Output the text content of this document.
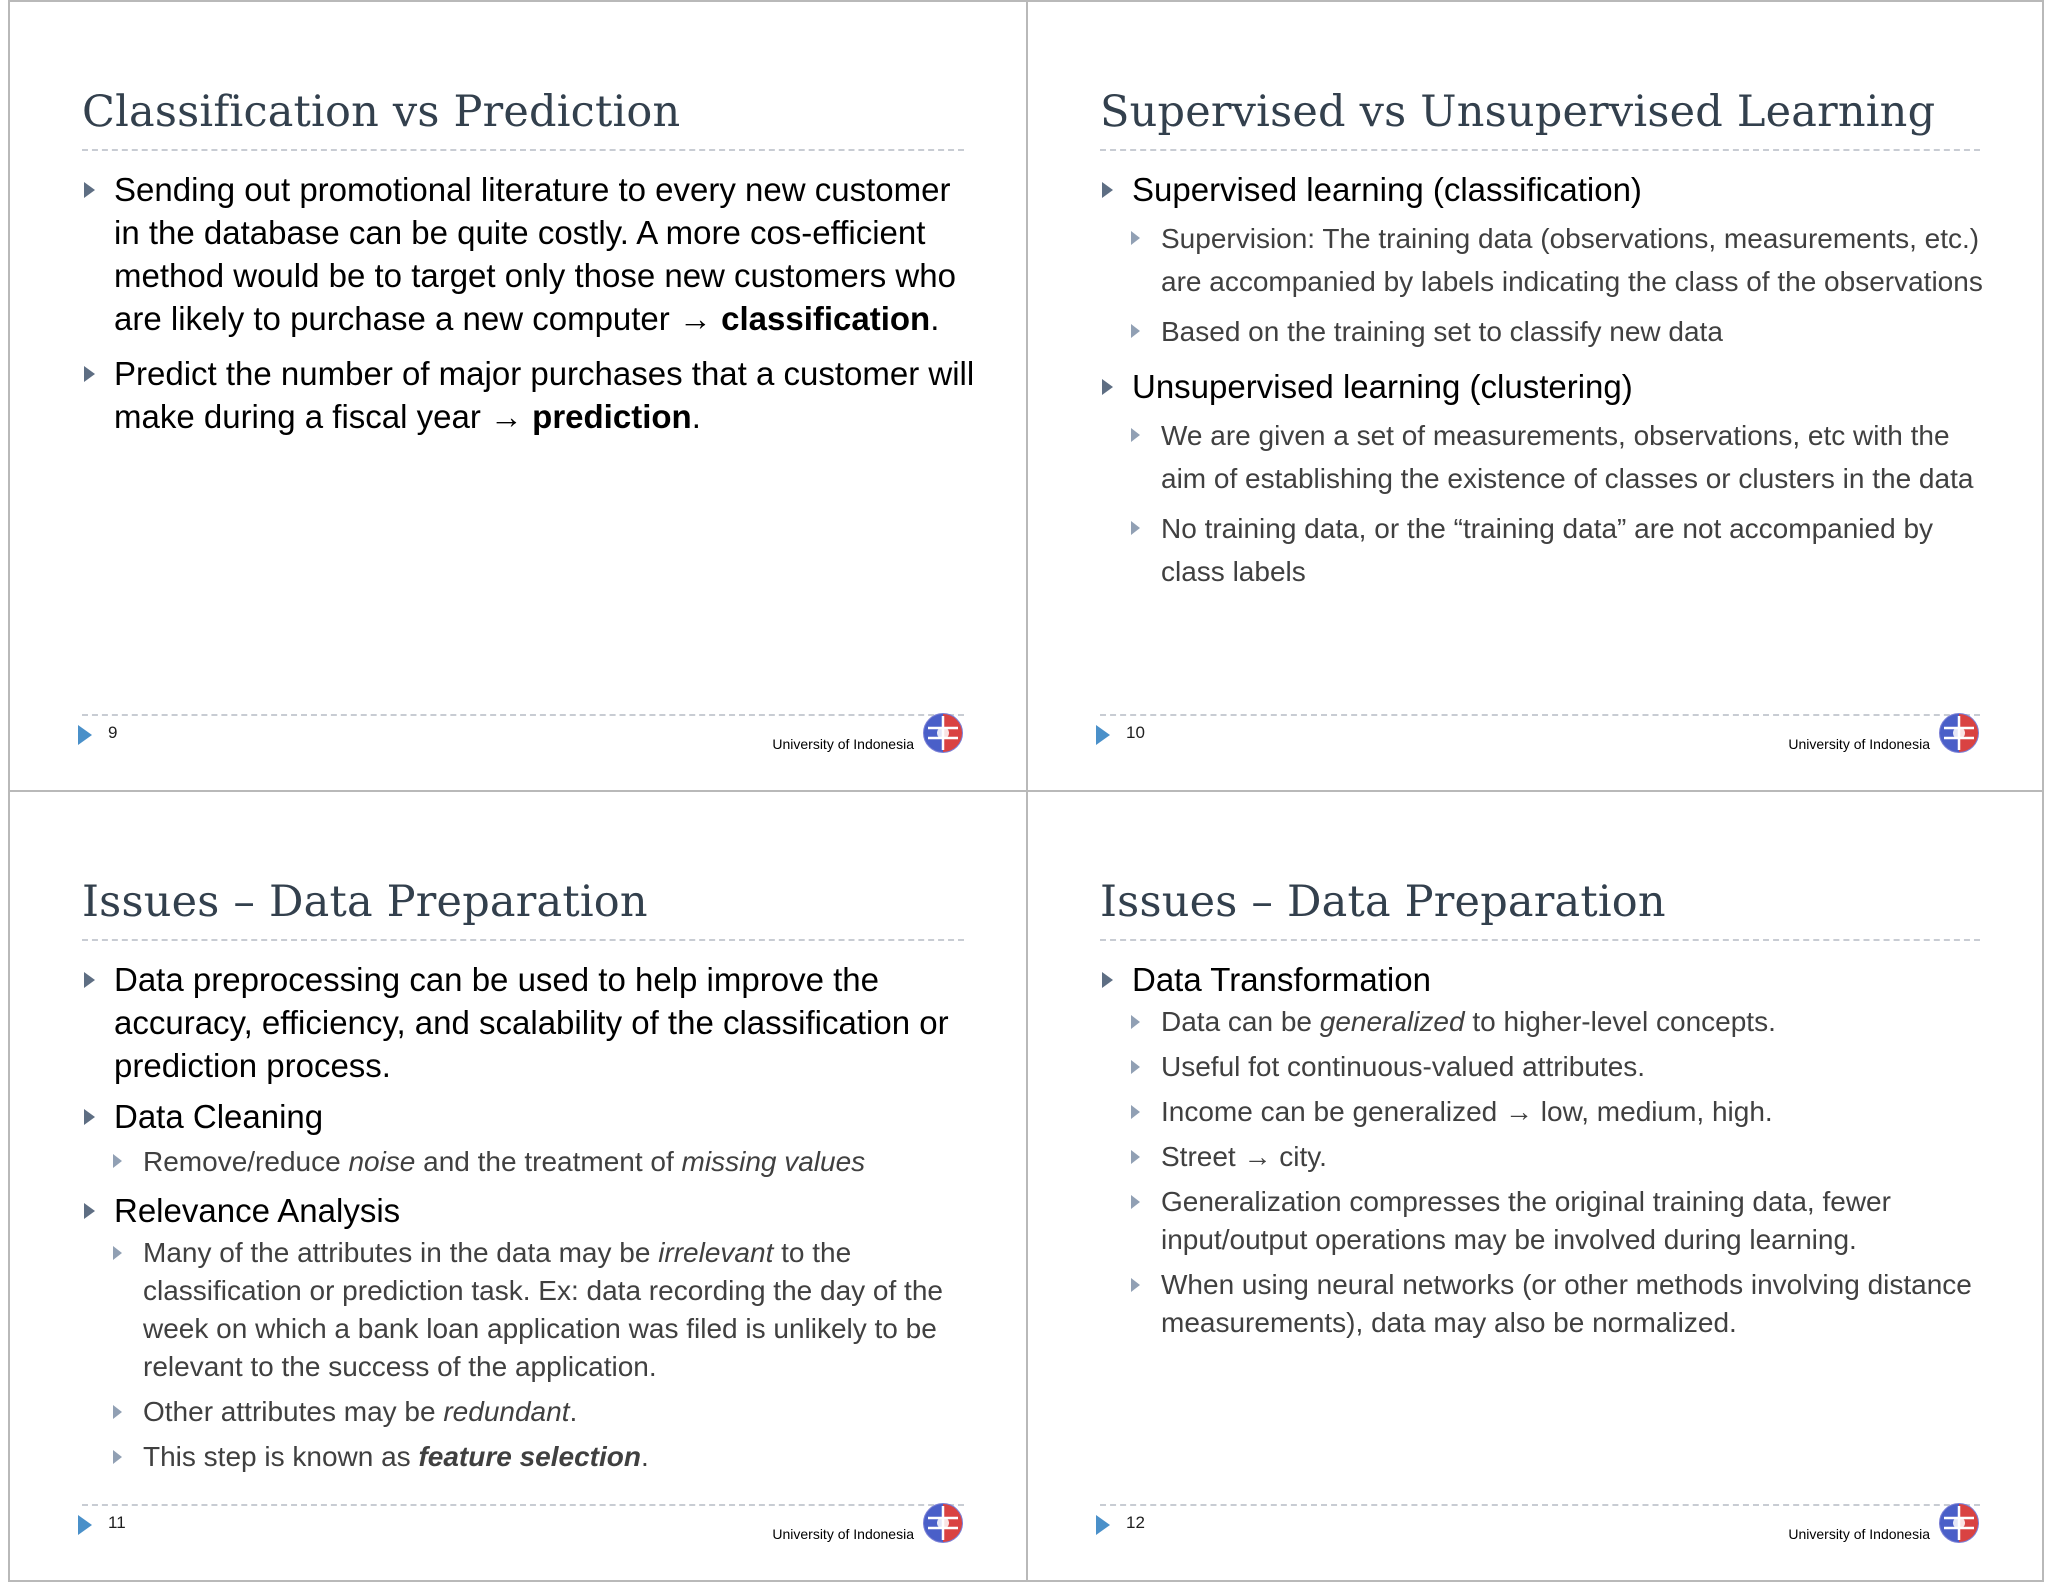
Classification vs Prediction
Sending out promotional literature to every new customer in the database can be quite costly. A more cos-efficient method would be to target only those new customers who are likely to purchase a new computer → classification.
Predict the number of major purchases that a customer will make during a fiscal year → prediction.
9
University of Indonesia
Supervised vs Unsupervised Learning
Supervised learning (classification)
Supervision: The training data (observations, measurements, etc.) are accompanied by labels indicating the class of the observations
Based on the training set to classify new data
Unsupervised learning (clustering)
We are given a set of measurements, observations, etc with the aim of establishing the existence of classes or clusters in the data
No training data, or the “training data” are not accompanied by class labels
10
University of Indonesia
Issues – Data Preparation
Data preprocessing can be used to help improve the accuracy, efficiency, and scalability of the classification or prediction process.
Data Cleaning
Remove/reduce noise and the treatment of missing values
Relevance Analysis
Many of the attributes in the data may be irrelevant to the classification or prediction task. Ex: data recording the day of the week on which a bank loan application was filed is unlikely to be relevant to the success of the application.
Other attributes may be redundant.
This step is known as feature selection.
11
University of Indonesia
Issues – Data Preparation
Data Transformation
Data can be generalized to higher-level concepts.
Useful fot continuous-valued attributes.
Income can be generalized → low, medium, high.
Street → city.
Generalization compresses the original training data, fewer input/output operations may be involved during learning.
When using neural networks (or other methods involving distance measurements), data may also be normalized.
12
University of Indonesia
